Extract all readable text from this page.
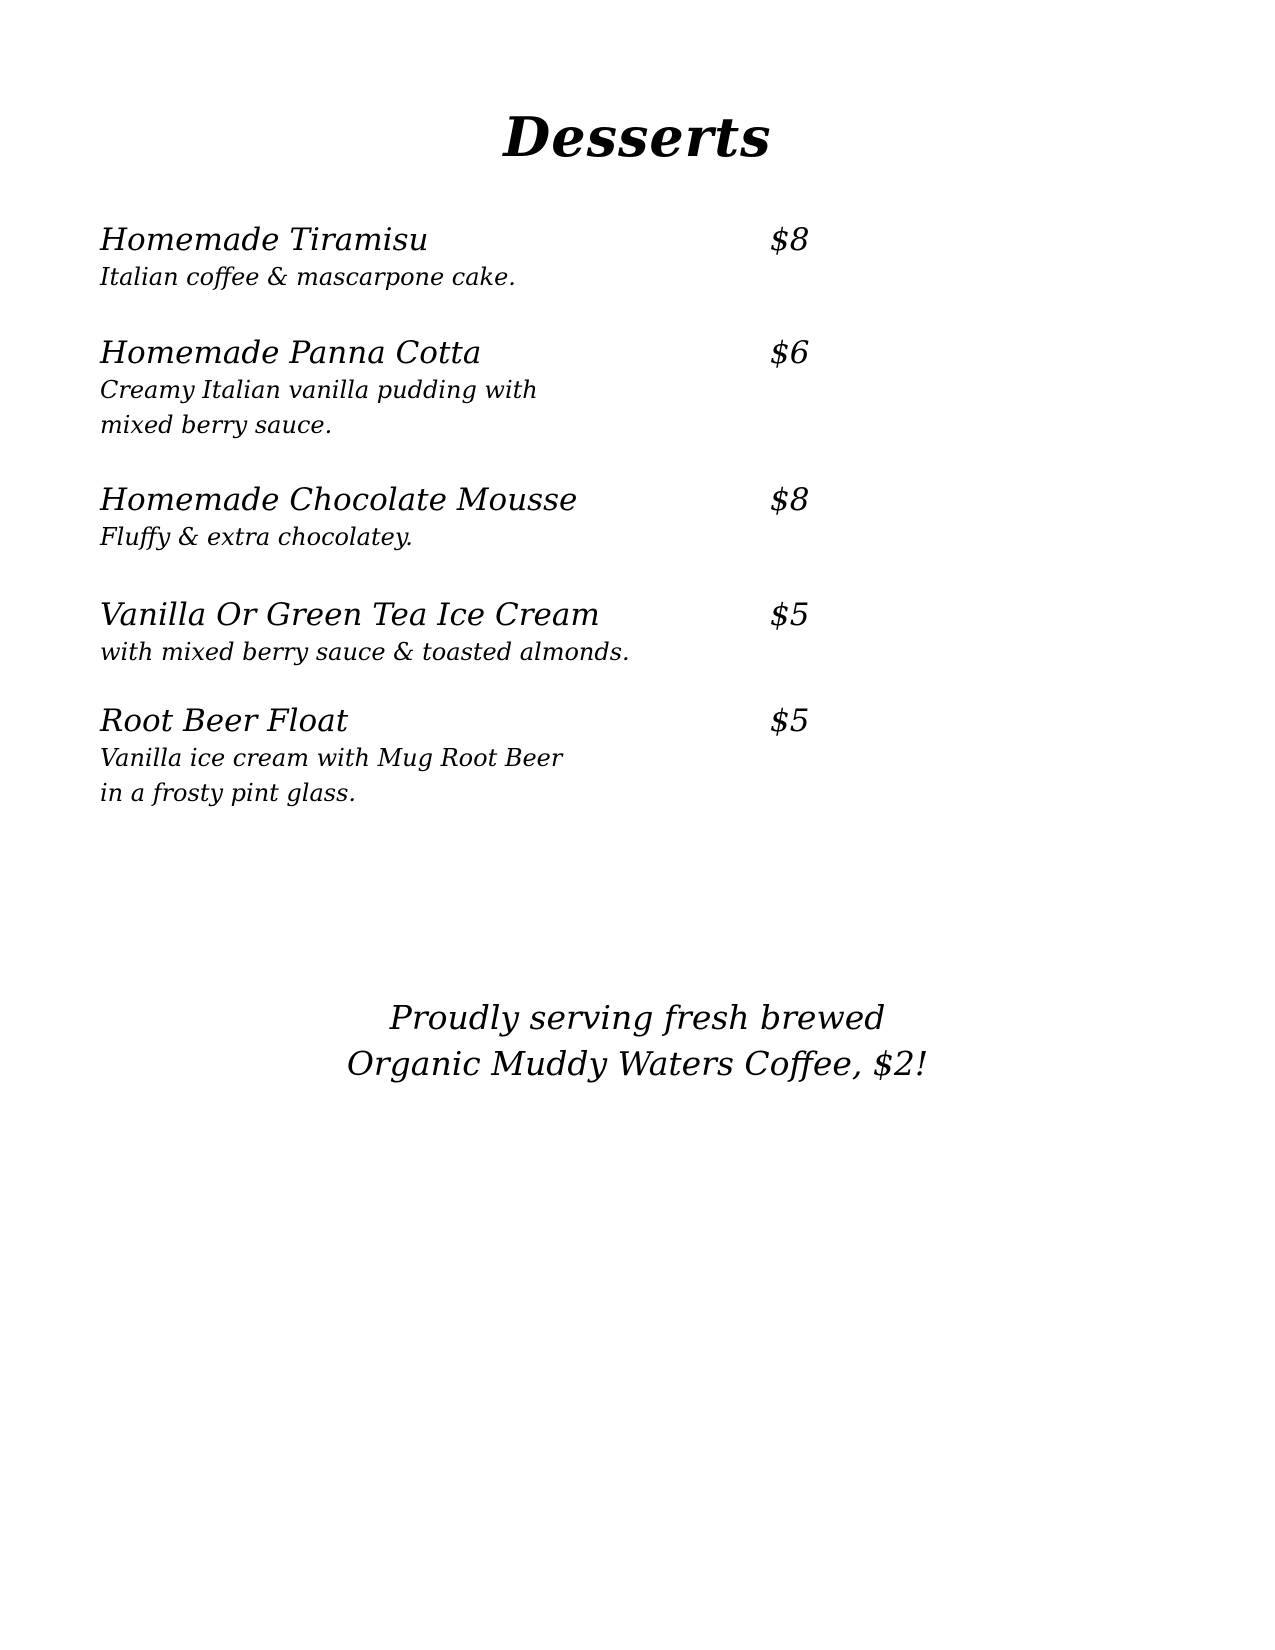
Desserts
Homemade Tiramisu	$8
Italian coffee & mascarpone cake.
Homemade Panna Cotta	$6
Creamy Italian vanilla pudding with
mixed berry sauce.
Homemade Chocolate Mousse	$8
Fluffy & extra chocolatey.
Vanilla Or Green Tea Ice Cream	$5
with mixed berry sauce & toasted almonds.
Root Beer Float	$5
Vanilla ice cream with Mug Root Beer
in a frosty pint glass.
Proudly serving fresh brewed
Organic Muddy Waters Coffee, $2!
